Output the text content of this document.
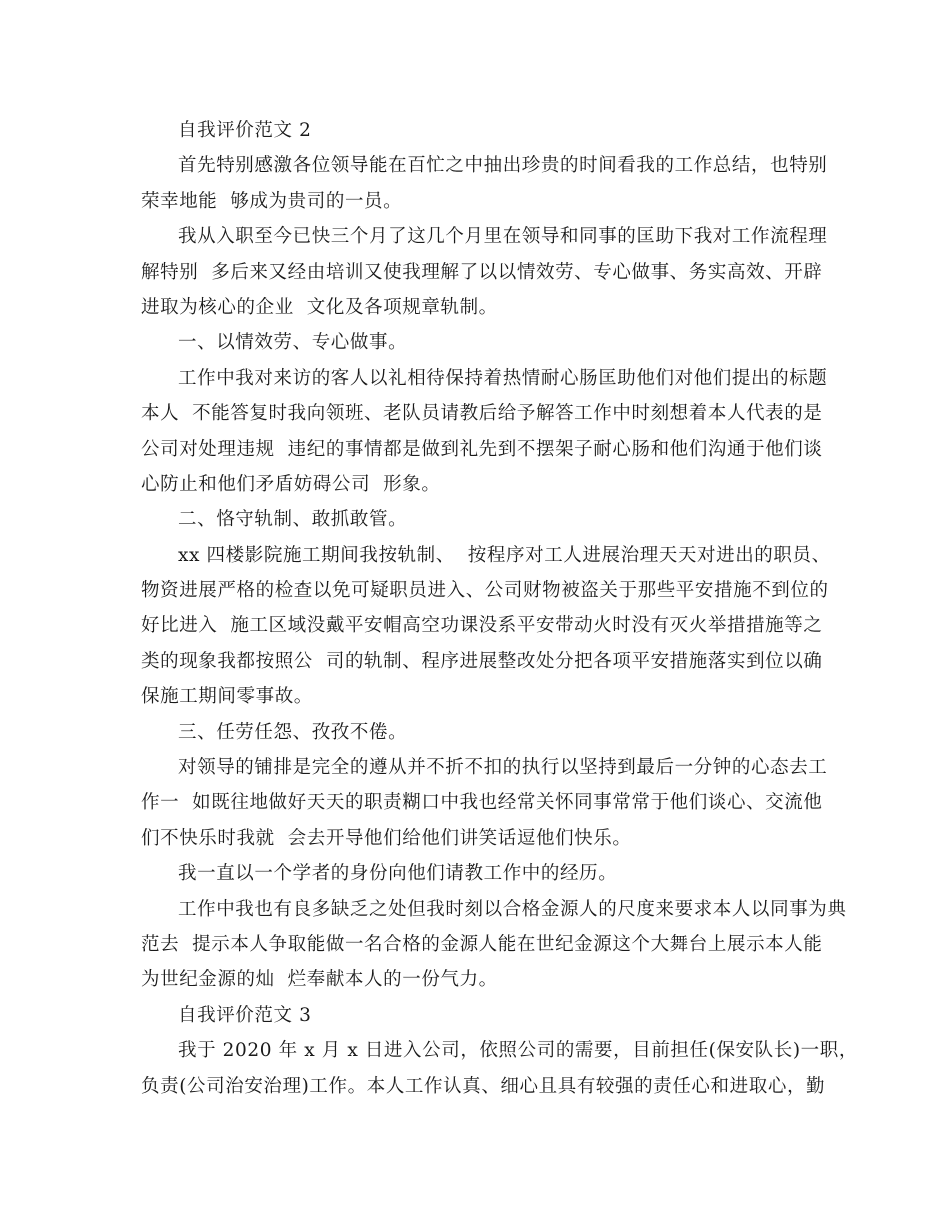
自我评价范文 2
首先特别感激各位领导能在百忙之中抽出珍贵的时间看我的工作总结，也特别
荣幸地能  够成为贵司的一员。
我从入职至今已快三个月了这几个月里在领导和同事的匡助下我对工作流程理
解特别  多后来又经由培训又使我理解了以以情效劳、专心做事、务实高效、开辟
进取为核心的企业  文化及各项规章轨制。
一、以情效劳、专心做事。
工作中我对来访的客人以礼相待保持着热情耐心肠匡助他们对他们提出的标题
本人  不能答复时我向领班、老队员请教后给予解答工作中时刻想着本人代表的是
公司对处理违规  违纪的事情都是做到礼先到不摆架子耐心肠和他们沟通于他们谈
心防止和他们矛盾妨碍公司  形象。
二、恪守轨制、敢抓敢管。
xx 四楼影院施工期间我按轨制、  按程序对工人进展治理天天对进出的职员、
物资进展严格的检查以免可疑职员进入、公司财物被盗关于那些平安措施不到位的
好比进入  施工区域没戴平安帽高空功课没系平安带动火时没有灭火举措措施等之
类的现象我都按照公  司的轨制、程序进展整改处分把各项平安措施落实到位以确
保施工期间零事故。
三、任劳任怨、孜孜不倦。
对领导的铺排是完全的遵从并不折不扣的执行以坚持到最后一分钟的心态去工
作一  如既往地做好天天的职责糊口中我也经常关怀同事常常于他们谈心、交流他
们不快乐时我就  会去开导他们给他们讲笑话逗他们快乐。
我一直以一个学者的身份向他们请教工作中的经历。
工作中我也有良多缺乏之处但我时刻以合格金源人的尺度来要求本人以同事为典
范去  提示本人争取能做一名合格的金源人能在世纪金源这个大舞台上展示本人能
为世纪金源的灿  烂奉献本人的一份气力。
自我评价范文 3
我于 2020 年 x 月 x 日进入公司，依照公司的需要，目前担任(保安队长)一职，
负责(公司治安治理)工作。本人工作认真、细心且具有较强的责任心和进取心，勤
